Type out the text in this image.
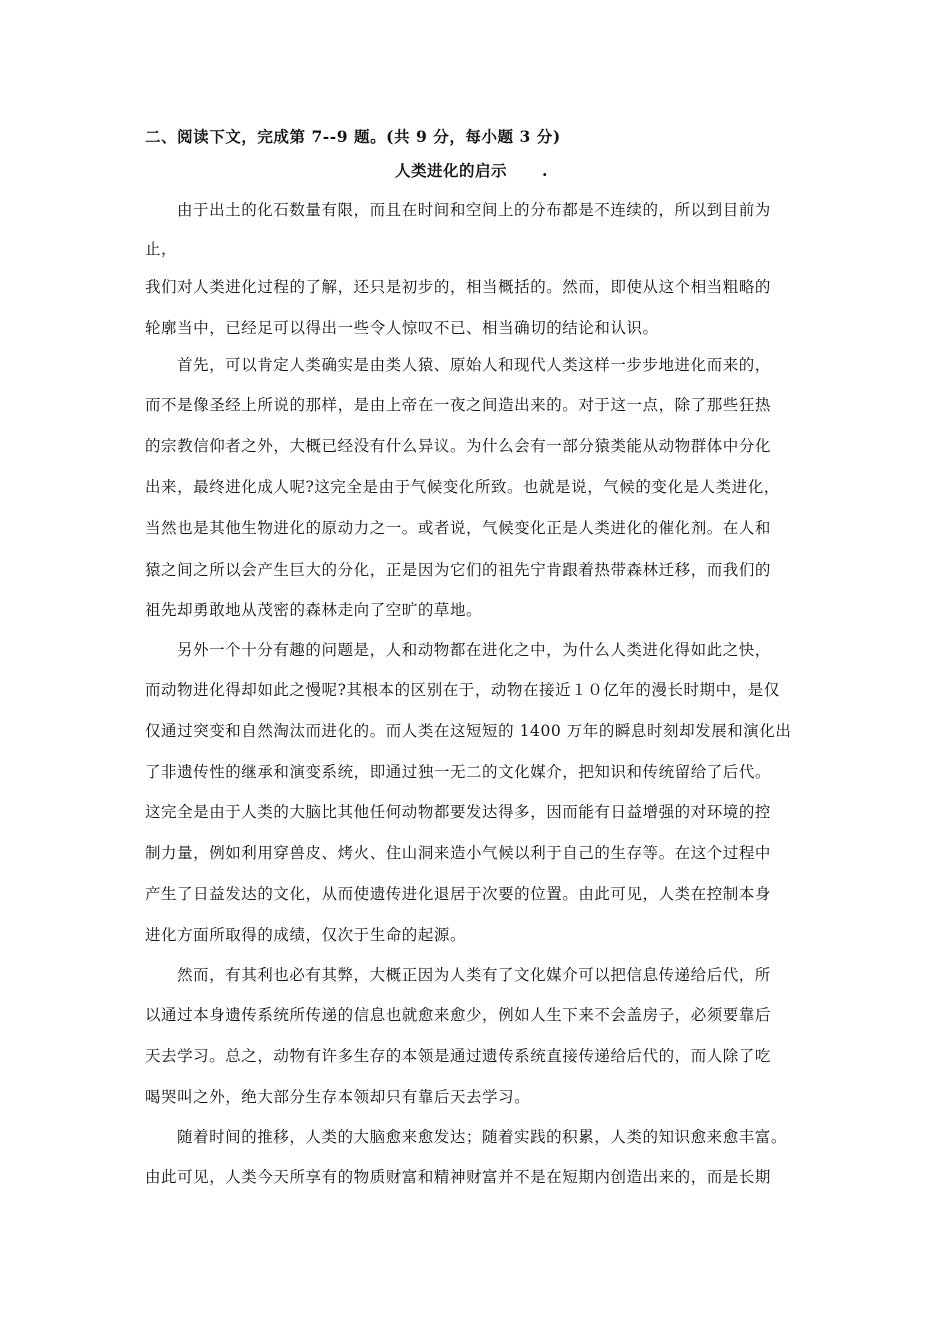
二、阅读下文，完成第 7--9 题。(共 9 分，每小题 3 分)
人类进化的启示 .
由于出土的化石数量有限，而且在时间和空间上的分布都是不连续的，所以到目前为
止，
我们对人类进化过程的了解，还只是初步的，相当概括的。然而，即使从这个相当粗略的
轮廓当中，已经足可以得出一些令人惊叹不已、相当确切的结论和认识。
首先，可以肯定人类确实是由类人猿、原始人和现代人类这样一步步地进化而来的，
而不是像圣经上所说的那样，是由上帝在一夜之间造出来的。对于这一点，除了那些狂热
的宗教信仰者之外，大概已经没有什么异议。为什么会有一部分猿类能从动物群体中分化
出来，最终进化成人呢?这完全是由于气候变化所致。也就是说，气候的变化是人类进化，
当然也是其他生物进化的原动力之一。或者说，气候变化正是人类进化的催化剂。在人和
猿之间之所以会产生巨大的分化，正是因为它们的祖先宁肯跟着热带森林迁移，而我们的
祖先却勇敢地从茂密的森林走向了空旷的草地。
另外一个十分有趣的问题是，人和动物都在进化之中，为什么人类进化得如此之快，
而动物进化得却如此之慢呢?其根本的区别在于，动物在接近１０亿年的漫长时期中，是仅
仅通过突变和自然淘汰而进化的。而人类在这短短的 1400 万年的瞬息时刻却发展和演化出
了非遗传性的继承和演变系统，即通过独一无二的文化媒介，把知识和传统留给了后代。
这完全是由于人类的大脑比其他任何动物都要发达得多，因而能有日益增强的对环境的控
制力量，例如利用穿兽皮、烤火、住山洞来造小气候以利于自己的生存等。在这个过程中
产生了日益发达的文化，从而使遗传进化退居于次要的位置。由此可见，人类在控制本身
进化方面所取得的成绩，仅次于生命的起源。
然而，有其利也必有其弊，大概正因为人类有了文化媒介可以把信息传递给后代，所
以通过本身遗传系统所传递的信息也就愈来愈少，例如人生下来不会盖房子，必须要靠后
天去学习。总之，动物有许多生存的本领是通过遗传系统直接传递给后代的，而人除了吃
喝哭叫之外，绝大部分生存本领却只有靠后天去学习。
随着时间的推移，人类的大脑愈来愈发达；随着实践的积累，人类的知识愈来愈丰富。
由此可见，人类今天所享有的物质财富和精神财富并不是在短期内创造出来的，而是长期
